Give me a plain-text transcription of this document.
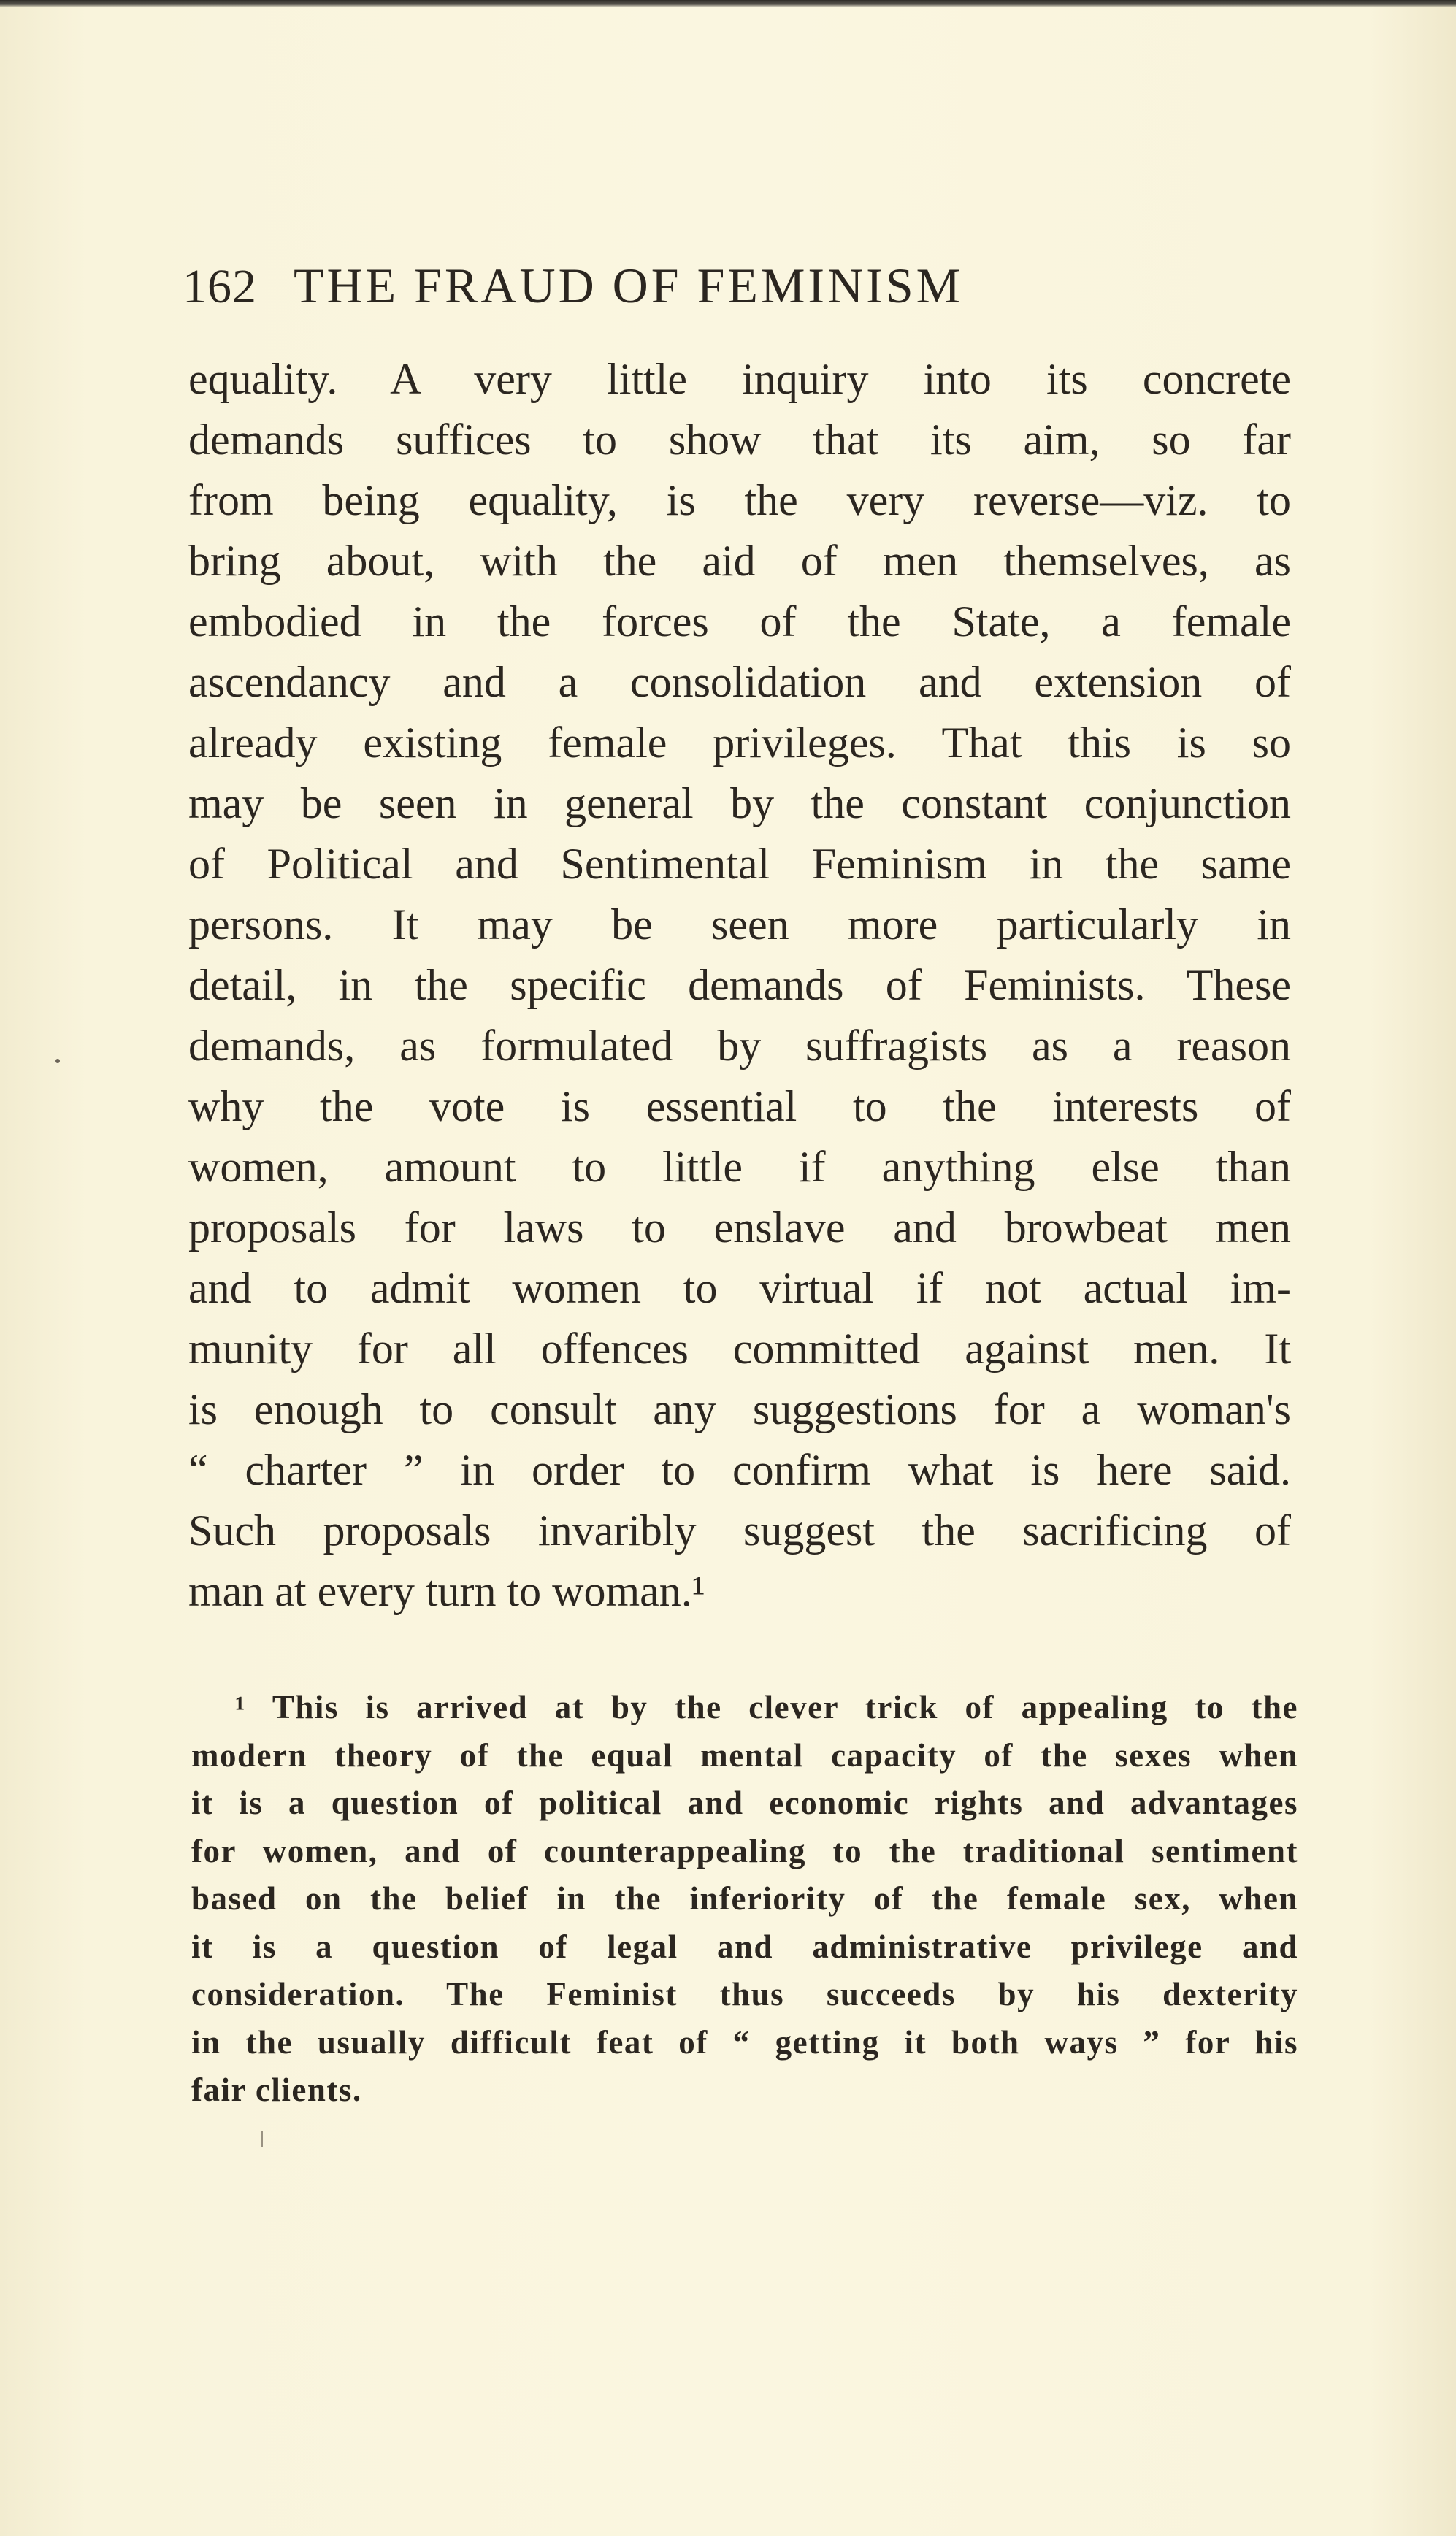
162 THE FRAUD OF FEMINISM
equality. A very little inquiry into its concrete
demands suffices to show that its aim, so far
from being equality, is the very reverse—viz. to
bring about, with the aid of men themselves, as
embodied in the forces of the State, a female
ascendancy and a consolidation and extension of
already existing female privileges. That this is so
may be seen in general by the constant conjunction
of Political and Sentimental Feminism in the same
persons. It may be seen more particularly in
detail, in the specific demands of Feminists. These
demands, as formulated by suffragists as a reason
why the vote is essential to the interests of
women, amount to little if anything else than
proposals for laws to enslave and browbeat men
and to admit women to virtual if not actual im-
munity for all offences committed against men. It
is enough to consult any suggestions for a woman's
“ charter ” in order to confirm what is here said.
Such proposals invaribly suggest the sacrificing of
man at every turn to woman.¹
¹ This is arrived at by the clever trick of appealing to the
modern theory of the equal mental capacity of the sexes when
it is a question of political and economic rights and advantages
for women, and of counterappealing to the traditional sentiment
based on the belief in the inferiority of the female sex, when
it is a question of legal and administrative privilege and
consideration. The Feminist thus succeeds by his dexterity
in the usually difficult feat of “ getting it both ways ” for his
fair clients.
